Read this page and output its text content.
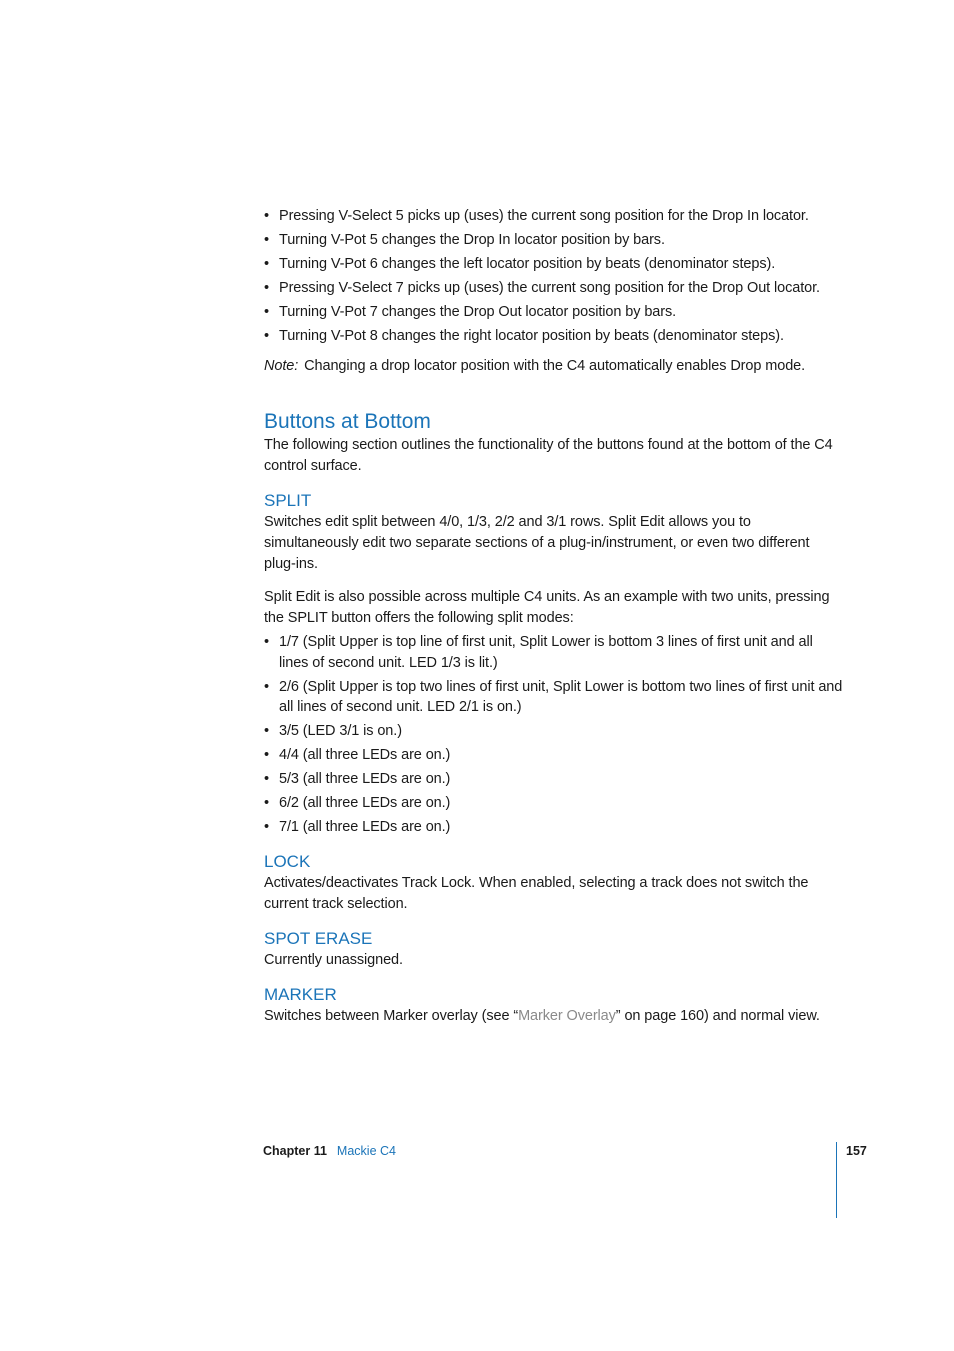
• Pressing V-Select 5 picks up (uses) the current song position for the Drop In locator.
• Turning V-Pot 5 changes the Drop In locator position by bars.
• Turning V-Pot 6 changes the left locator position by beats (denominator steps).
• Pressing V-Select 7 picks up (uses) the current song position for the Drop Out locator.
• Turning V-Pot 7 changes the Drop Out locator position by bars.
• Turning V-Pot 8 changes the right locator position by beats (denominator steps).

Note: Changing a drop locator position with the C4 automatically enables Drop mode.

Buttons at Bottom

The following section outlines the functionality of the buttons found at the bottom of the C4 control surface.

SPLIT

Switches edit split between 4/0, 1/3, 2/2 and 3/1 rows. Split Edit allows you to simultaneously edit two separate sections of a plug-in/instrument, or even two different plug-ins.

Split Edit is also possible across multiple C4 units. As an example with two units, pressing the SPLIT button offers the following split modes:

• 1/7 (Split Upper is top line of first unit, Split Lower is bottom 3 lines of first unit and all lines of second unit. LED 1/3 is lit.)
• 2/6 (Split Upper is top two lines of first unit, Split Lower is bottom two lines of first unit and all lines of second unit. LED 2/1 is on.)
• 3/5 (LED 3/1 is on.)
• 4/4 (all three LEDs are on.)
• 5/3 (all three LEDs are on.)
• 6/2 (all three LEDs are on.)
• 7/1 (all three LEDs are on.)
LOCK

Activates/deactivates Track Lock. When enabled, selecting a track does not switch the current track selection.

SPOT ERASE

Currently unassigned.

MARKER

Switches between Marker overlay (see “Marker Overlay” on page 160) and normal view.

Chapter 11 Mackie C4	157
